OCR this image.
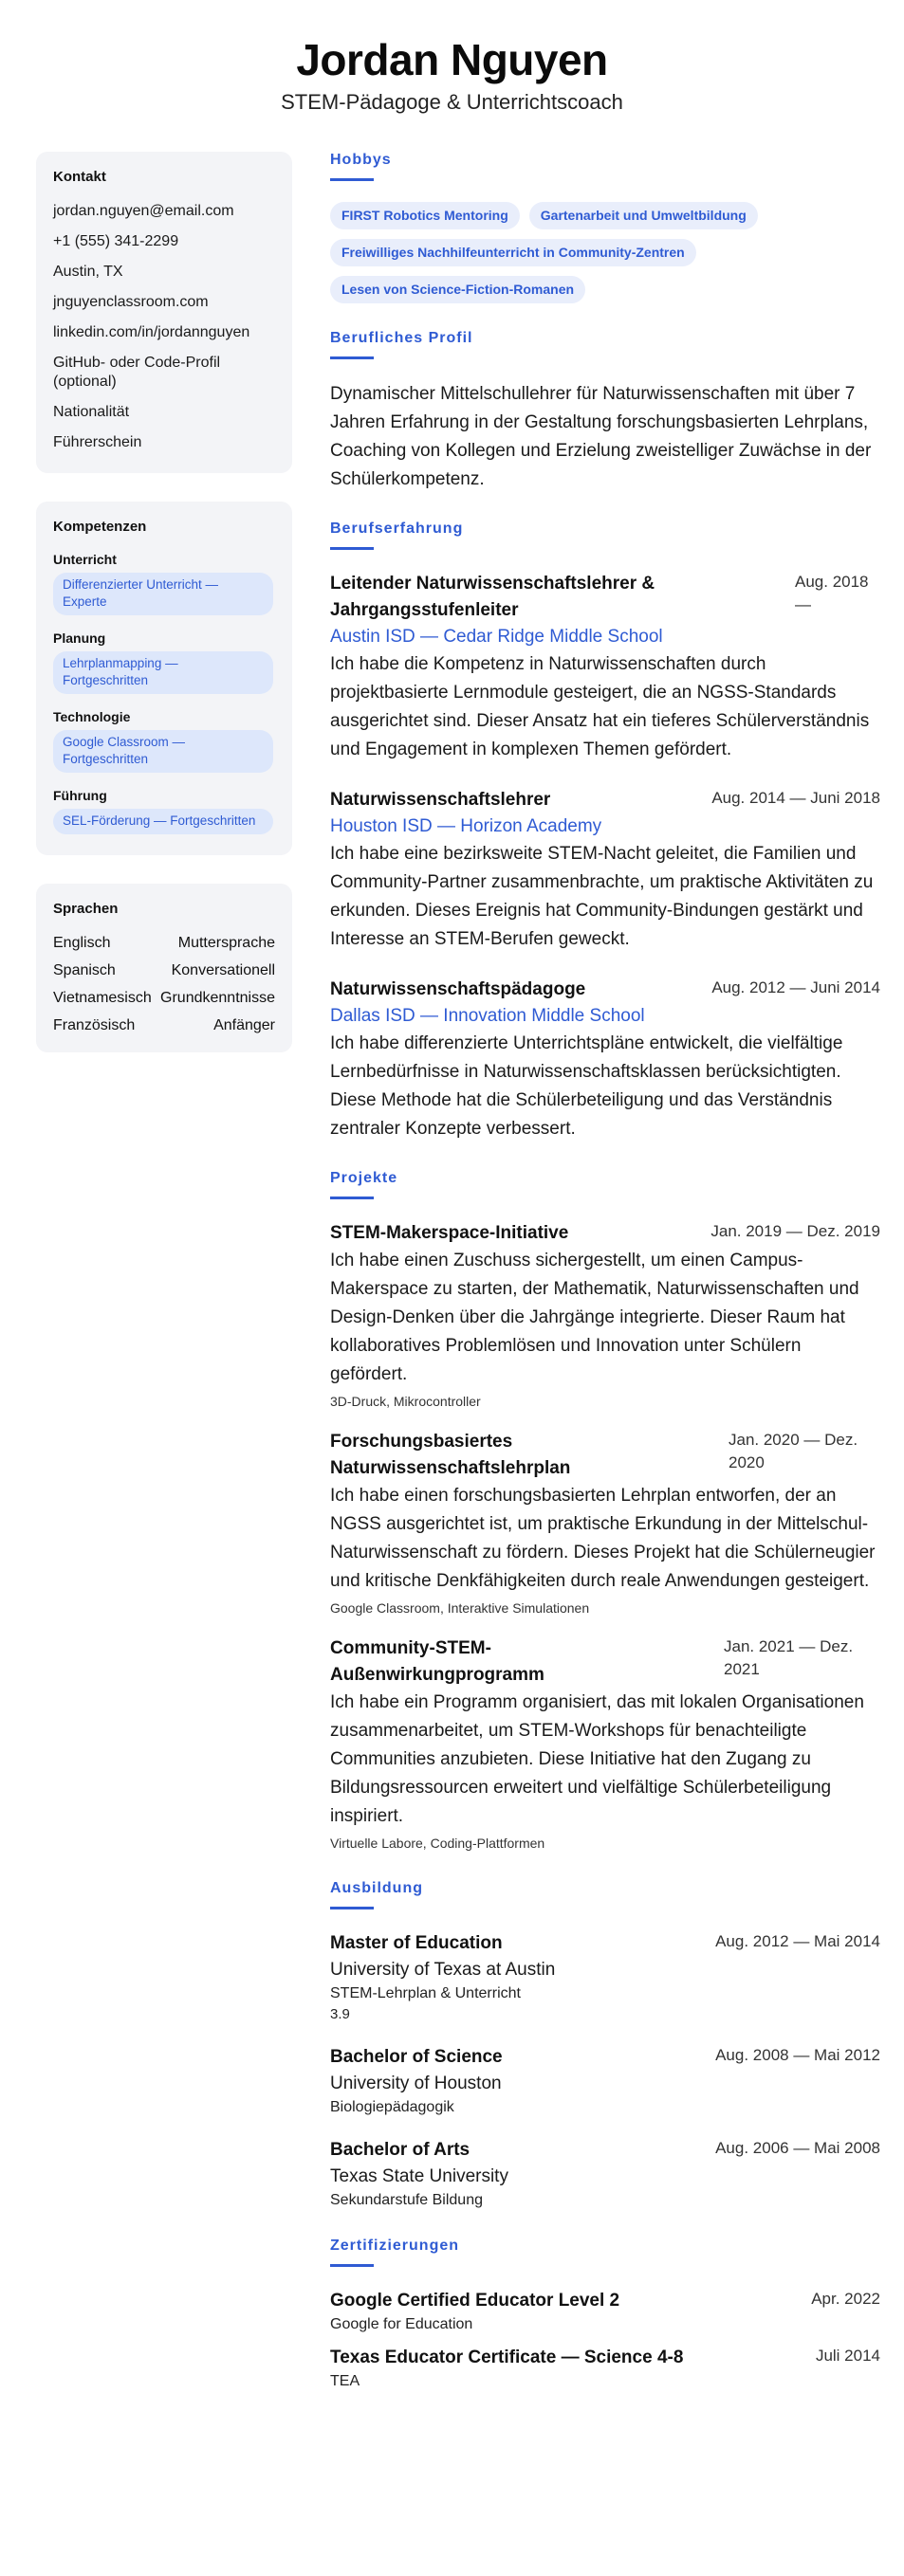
Jordan Nguyen
STEM-Pädagoge & Unterrichtscoach
Kontakt
jordan.nguyen@email.com
+1 (555) 341-2299
Austin, TX
jnguyenclassroom.com
linkedin.com/in/jordannguyen
GitHub- oder Code-Profil (optional)
Nationalität
Führerschein
Kompetenzen
Unterricht
Differenzierter Unterricht — Experte
Planung
Lehrplanmapping — Fortgeschritten
Technologie
Google Classroom — Fortgeschritten
Führung
SEL-Förderung — Fortgeschritten
Sprachen
Englisch	Muttersprache
Spanisch	Konversationell
Vietnamesisch Grundkenntnisse
Französisch	Anfänger
Hobbys
FIRST Robotics Mentoring	Gartenarbeit und Umweltbildung
Freiwilliges Nachhilfeunterricht in Community-Zentren
Lesen von Science-Fiction-Romanen
Berufliches Profil

Dynamischer Mittelschullehrer für Naturwissenschaften mit über 7 Jahren Erfahrung in der Gestaltung forschungsbasierten Lehrplans, Coaching von Kollegen und Erzielung zweistelliger Zuwächse in der Schülerkompetenz.

Berufserfahrung
Leitender Naturwissenschaftslehrer & Jahrgangsstufenleiter
Aug. 2018 —
Austin ISD — Cedar Ridge Middle School

Ich habe die Kompetenz in Naturwissenschaften durch projektbasierte Lernmodule gesteigert, die an NGSS-Standards ausgerichtet sind. Dieser Ansatz hat ein tieferes Schülerverständnis und Engagement in komplexen Themen gefördert.

Naturwissenschaftslehrer	Aug. 2014 — Juni 2018
Houston ISD — Horizon Academy

Ich habe eine bezirksweite STEM-Nacht geleitet, die Familien und Community-Partner zusammenbrachte, um praktische Aktivitäten zu erkunden. Dieses Ereignis hat Community-Bindungen gestärkt und Interesse an STEM-Berufen geweckt.

Naturwissenschaftspädagoge	Aug. 2012 — Juni 2014
Dallas ISD — Innovation Middle School

Ich habe differenzierte Unterrichtspläne entwickelt, die vielfältige Lernbedürfnisse in Naturwissenschaftsklassen berücksichtigten. Diese Methode hat die Schülerbeteiligung und das Verständnis zentraler Konzepte verbessert.

Projekte
STEM-Makerspace-Initiative	Jan. 2019 — Dez. 2019

Ich habe einen Zuschuss sichergestellt, um einen Campus-Makerspace zu starten, der Mathematik, Naturwissenschaften und Design-Denken über die Jahrgänge integrierte. Dieser Raum hat kollaboratives Problemlösen und Innovation unter Schülern gefördert.

3D-Druck, Mikrocontroller
Forschungsbasiertes Naturwissenschaftslehrplan
Jan. 2020 — Dez. 2020

Ich habe einen forschungsbasierten Lehrplan entworfen, der an NGSS ausgerichtet ist, um praktische Erkundung in der Mittelschul-Naturwissenschaft zu fördern. Dieses Projekt hat die Schülerneugier und kritische Denkfähigkeiten durch reale Anwendungen gesteigert.

Google Classroom, Interaktive Simulationen
Community-STEM-Außenwirkungprogramm
Jan. 2021 — Dez. 2021

Ich habe ein Programm organisiert, das mit lokalen Organisationen zusammenarbeitet, um STEM-Workshops für benachteiligte Communities anzubieten. Diese Initiative hat den Zugang zu Bildungsressourcen erweitert und vielfältige Schülerbeteiligung inspiriert.

Virtuelle Labore, Coding-Plattformen
Ausbildung
Master of Education	Aug. 2012 — Mai 2014
University of Texas at Austin
STEM-Lehrplan & Unterricht
3.9
Bachelor of Science	Aug. 2008 — Mai 2012
University of Houston
Biologiepädagogik
Bachelor of Arts	Aug. 2006 — Mai 2008
Texas State University
Sekundarstufe Bildung
Zertifizierungen
Google Certified Educator Level 2	Apr. 2022
Google for Education
Texas Educator Certificate — Science 4-8	Juli 2014
TEA
